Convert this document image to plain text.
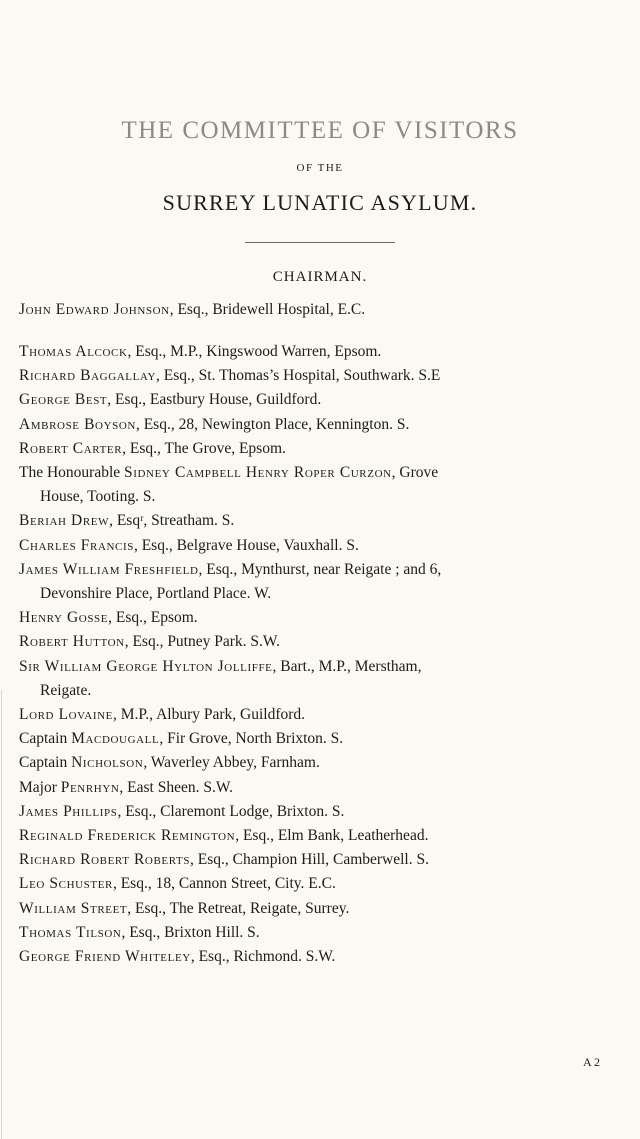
THE COMMITTEE OF VISITORS
OF THE
SURREY LUNATIC ASYLUM.
CHAIRMAN.
John Edward Johnson, Esq., Bridewell Hospital, E.C.
Thomas Alcock, Esq., M.P., Kingswood Warren, Epsom.
Richard Baggallay, Esq., St. Thomas’s Hospital, Southwark. S.E
George Best, Esq., Eastbury House, Guildford.
Ambrose Boyson, Esq., 28, Newington Place, Kennington. S.
Robert Carter, Esq., The Grove, Epsom.
The Honourable Sidney Campbell Henry Roper Curzon, Grove
House, Tooting. S.
Beriah Drew, Esqʳ, Streatham. S.
Charles Francis, Esq., Belgrave House, Vauxhall. S.
James William Freshfield, Esq., Mynthurst, near Reigate ; and 6,
Devonshire Place, Portland Place. W.
Henry Gosse, Esq., Epsom.
Robert Hutton, Esq., Putney Park. S.W.
Sir William George Hylton Jolliffe, Bart., M.P., Merstham,
Reigate.
Lord Lovaine, M.P., Albury Park, Guildford.
Captain Macdougall, Fir Grove, North Brixton. S.
Captain Nicholson, Waverley Abbey, Farnham.
Major Penrhyn, East Sheen. S.W.
James Phillips, Esq., Claremont Lodge, Brixton. S.
Reginald Frederick Remington, Esq., Elm Bank, Leatherhead.
Richard Robert Roberts, Esq., Champion Hill, Camberwell. S.
Leo Schuster, Esq., 18, Cannon Street, City. E.C.
William Street, Esq., The Retreat, Reigate, Surrey.
Thomas Tilson, Esq., Brixton Hill. S.
George Friend Whiteley, Esq., Richmond. S.W.
A 2
